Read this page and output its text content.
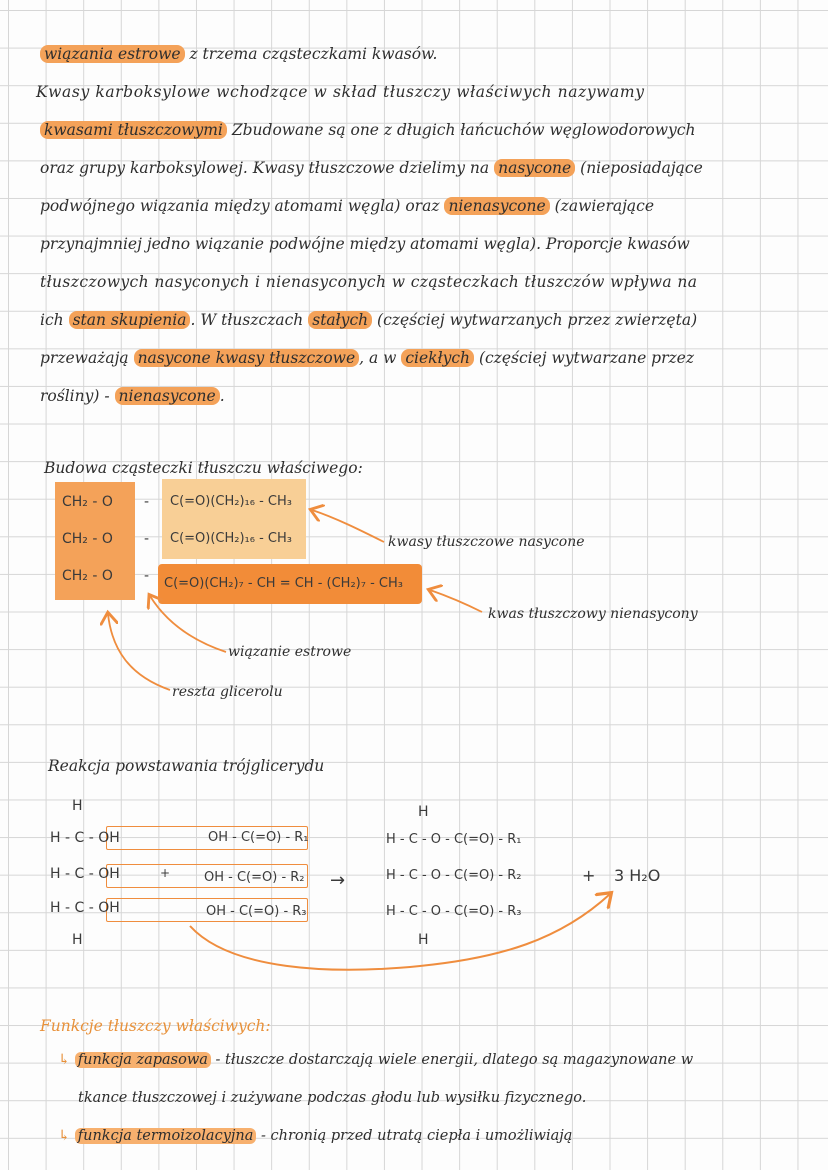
wiązania estrowe z trzema cząsteczkami kwasów.
Kwasy karboksylowe wchodzące w skład tłuszczy właściwych nazywamy
kwasami tłuszczowymi Zbudowane są one z długich łańcuchów węglowodorowych
oraz grupy karboksylowej. Kwasy tłuszczowe dzielimy na nasycone (nieposiadające
podwójnego wiązania między atomami węgla) oraz nienasycone (zawierające
przynajmniej jedno wiązanie podwójne między atomami węgla). Proporcje kwasów
tłuszczowych nasyconych i nienasyconych w cząsteczkach tłuszczów wpływa na
ich stan skupienia . W tłuszczach stałych (częściej wytwarzanych przez zwierzęta)
przeważają nasycone kwasy tłuszczowe , a w ciekłych (częściej wytwarzane przez
rośliny) - nienasycone .
Budowa cząsteczki tłuszczu właściwego:
CH₂ - O
CH₂ - O
CH₂ - O
-
-
-
C(=O)(CH₂)₁₆ - CH₃
C(=O)(CH₂)₁₆ - CH₃
C(=O)(CH₂)₇ - CH = CH - (CH₂)₇ - CH₃
kwasy tłuszczowe nasycone
kwas tłuszczowy nienasycony
wiązanie estrowe
reszta glicerolu
Reakcja powstawania trójglicerydu
H
H - C - OH
H - C - OH
H - C - OH
H
OH - C(=O) - R₁
OH - C(=O) - R₂
OH - C(=O) - R₃
+	→
H
H - C - O - C(=O) - R₁
H - C - O - C(=O) - R₂
H - C - O - C(=O) - R₃
H
+ 3 H₂O
Funkcje tłuszczy właściwych:
↳ funkcja zapasowa - tłuszcze dostarczają wiele energii, dlatego są magazynowane w
tkance tłuszczowej i zużywane podczas głodu lub wysiłku fizycznego.
↳ funkcja termoizolacyjna - chronią przed utratą ciepła i umożliwiają
